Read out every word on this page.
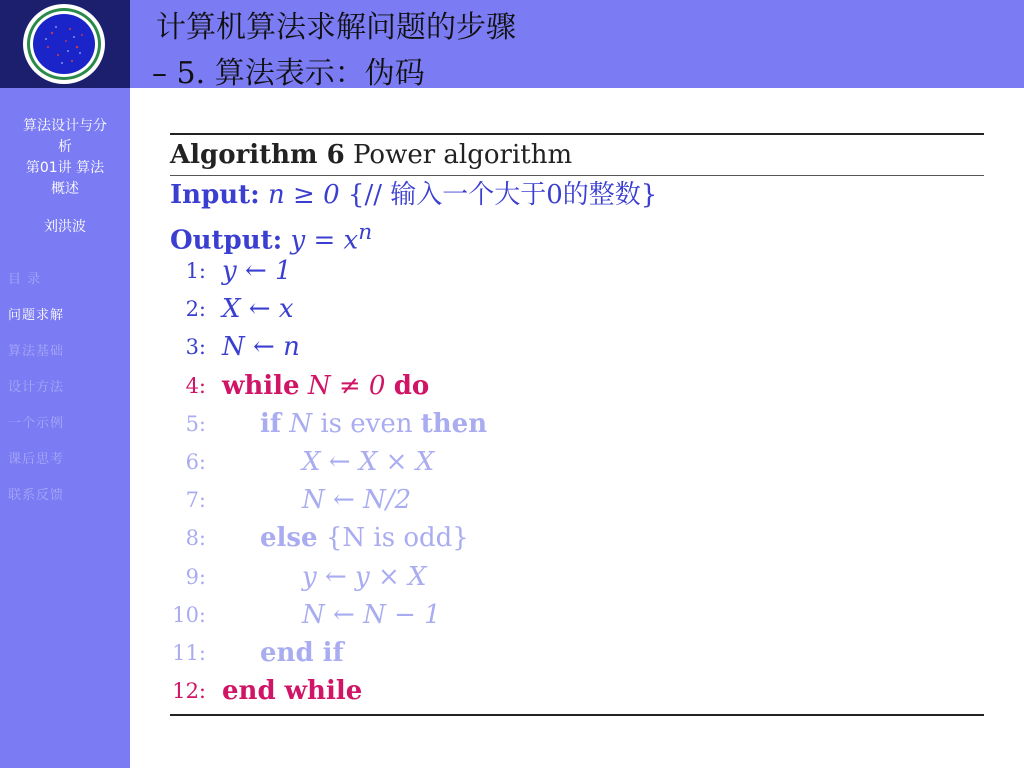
计算机算法求解问题的步骤
– 5. 算法表示：伪码
算法设计与分
析
第01讲 算法
概述
刘洪波
目 录
问题求解
算法基础
设计方法
一个示例
课后思考
联系反馈
Algorithm 6 Power algorithm
Input: n ≥ 0 {// 输入一个大于0的整数}
Output: $y = x^n$
1: y ← 1
2: X ← x
3: N ← n
4: while N ≠ 0 do
5: if N is even then
6:	X ← X × X
7:	N ← N/2
8: else {N is odd}
9:	y ← y × X
10:	N ← N − 1
11: end if
12: end while
